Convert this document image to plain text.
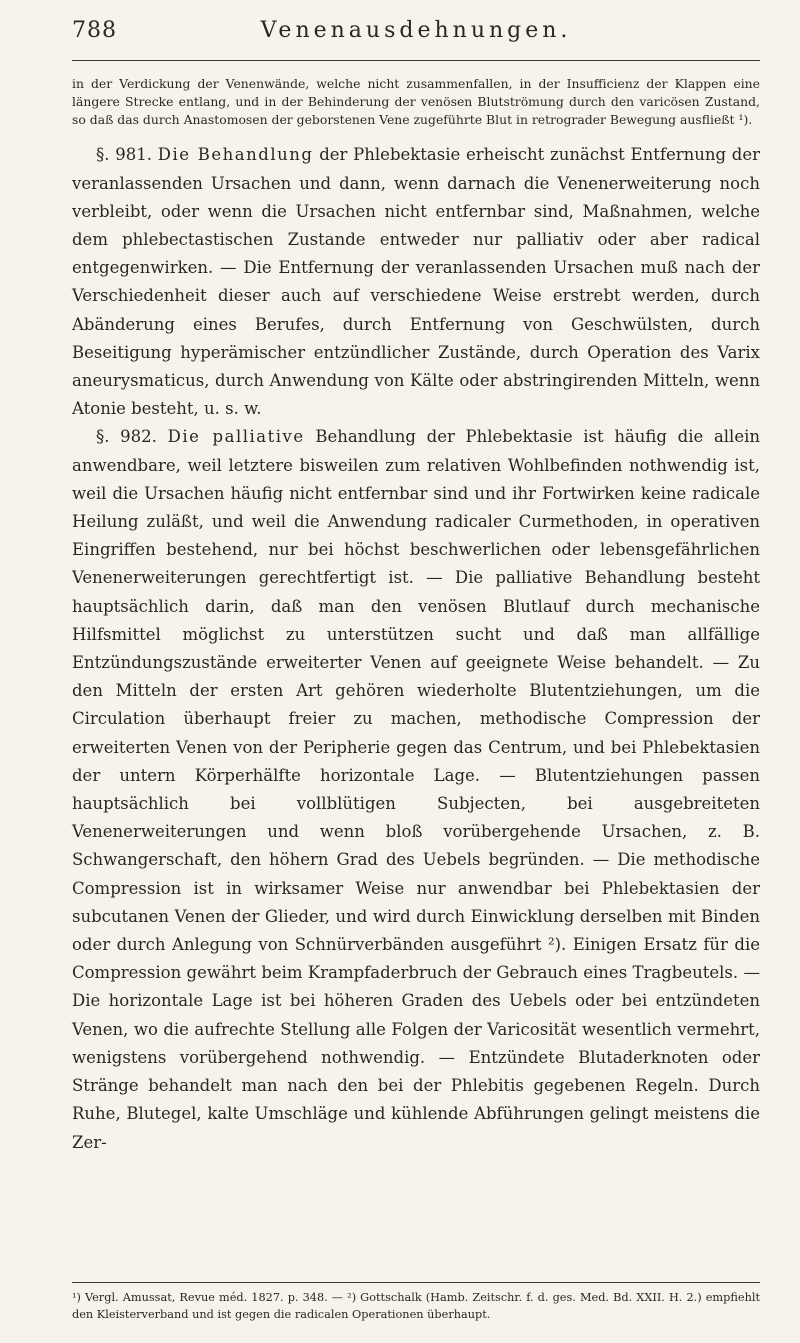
788	Venenausdehnungen.

in der Verdickung der Venenwände, welche nicht zusammenfallen, in der Insufficienz der Klappen eine längere Strecke entlang, und in der Behinderung der venösen Blutströmung durch den varicösen Zustand, so daß das durch Anastomosen der geborstenen Vene zugeführte Blut in retrograder Bewegung ausfließt ¹).

§. 981. Die Behandlung der Phlebektasie erheischt zunächst Entfernung der veranlassenden Ursachen und dann, wenn darnach die Venenerweiterung noch verbleibt, oder wenn die Ursachen nicht entfernbar sind, Maßnahmen, welche dem phlebectastischen Zustande entweder nur palliativ oder aber radical entgegenwirken. — Die Entfernung der veranlassenden Ursachen muß nach der Verschiedenheit dieser auch auf verschiedene Weise erstrebt werden, durch Abänderung eines Berufes, durch Entfernung von Geschwülsten, durch Beseitigung hyperämischer entzündlicher Zustände, durch Operation des Varix aneurysmaticus, durch Anwendung von Kälte oder abstringirenden Mitteln, wenn Atonie besteht, u. s. w.

§. 982. Die palliative Behandlung der Phlebektasie ist häufig die allein anwendbare, weil letztere bisweilen zum relativen Wohlbefinden nothwendig ist, weil die Ursachen häufig nicht entfernbar sind und ihr Fortwirken keine radicale Heilung zuläßt, und weil die Anwendung radicaler Curmethoden, in operativen Eingriffen bestehend, nur bei höchst beschwerlichen oder lebensgefährlichen Venenerweiterungen gerechtfertigt ist. — Die palliative Behandlung besteht hauptsächlich darin, daß man den venösen Blutlauf durch mechanische Hilfsmittel möglichst zu unterstützen sucht und daß man allfällige Entzündungszustände erweiterter Venen auf geeignete Weise behandelt. — Zu den Mitteln der ersten Art gehören wiederholte Blutentziehungen, um die Circulation überhaupt freier zu machen, methodische Compression der erweiterten Venen von der Peripherie gegen das Centrum, und bei Phlebektasien der untern Körperhälfte horizontale Lage. — Blutentziehungen passen hauptsächlich bei vollblütigen Subjecten, bei ausgebreiteten Venenerweiterungen und wenn bloß vorübergehende Ursachen, z. B. Schwangerschaft, den höhern Grad des Uebels begründen. — Die methodische Compression ist in wirksamer Weise nur anwendbar bei Phlebektasien der subcutanen Venen der Glieder, und wird durch Einwicklung derselben mit Binden oder durch Anlegung von Schnürverbänden ausgeführt ²). Einigen Ersatz für die Compression gewährt beim Krampfaderbruch der Gebrauch eines Tragbeutels. — Die horizontale Lage ist bei höheren Graden des Uebels oder bei entzündeten Venen, wo die aufrechte Stellung alle Folgen der Varicosität wesentlich vermehrt, wenigstens vorübergehend nothwendig. — Entzündete Blutaderknoten oder Stränge behandelt man nach den bei der Phlebitis gegebenen Regeln. Durch Ruhe, Blutegel, kalte Umschläge und kühlende Abführungen gelingt meistens die Zer-

¹) Vergl. Amussat, Revue méd. 1827. p. 348. — ²) Gottschalk (Hamb. Zeitschr. f. d. ges. Med. Bd. XXII. H. 2.) empfiehlt den Kleisterverband und ist gegen die radicalen Operationen überhaupt.
